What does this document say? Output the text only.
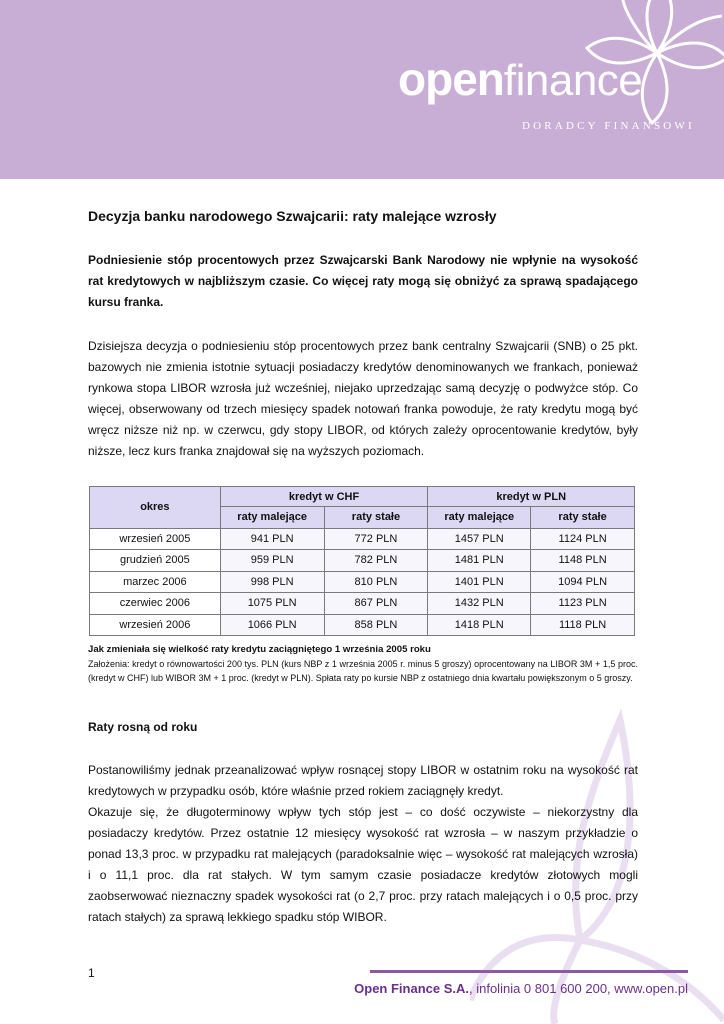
openfinance
DORADCY FINANSOWI
Decyzja banku narodowego Szwajcarii: raty malejące wzrosły

Podniesienie stóp procentowych przez Szwajcarski Bank Narodowy nie wpłynie na wysokość rat kredytowych w najbliższym czasie. Co więcej raty mogą się obniżyć za sprawą spadającego kursu franka.

Dzisiejsza decyzja o podniesieniu stóp procentowych przez bank centralny Szwajcarii (SNB) o 25 pkt. bazowych nie zmienia istotnie sytuacji posiadaczy kredytów denominowanych we frankach, ponieważ rynkowa stopa LIBOR wzrosła już wcześniej, niejako uprzedzając samą decyzję o podwyżce stóp. Co więcej, obserwowany od trzech miesięcy spadek notowań franka powoduje, że raty kredytu mogą być wręcz niższe niż np. w czerwcu, gdy stopy LIBOR, od których zależy oprocentowanie kredytów, były niższe, lecz kurs franka znajdował się na wyższych poziomach.

okres	kredyt w CHF		kredyt w PLN	
	raty malejące	raty stałe	raty malejące	raty stałe
wrzesień 2005	941 PLN	772 PLN	1457 PLN	1124 PLN
grudzień 2005	959 PLN	782 PLN	1481 PLN	1148 PLN
marzec 2006	998 PLN	810 PLN	1401 PLN	1094 PLN
czerwiec 2006	1075 PLN	867 PLN	1432 PLN	1123 PLN
wrzesień 2006	1066 PLN	858 PLN	1418 PLN	1118 PLN

Jak zmieniała się wielkość raty kredytu zaciągniętego 1 września 2005 roku

Założenia: kredyt o równowartości 200 tys. PLN (kurs NBP z 1 września 2005 r. minus 5 groszy) oprocentowany na LIBOR 3M + 1,5 proc. (kredyt w CHF) lub WIBOR 3M + 1 proc. (kredyt w PLN). Spłata raty po kursie NBP z ostatniego dnia kwartału powiększonym o 5 groszy.

Raty rosną od roku

Postanowiliśmy jednak przeanalizować wpływ rosnącej stopy LIBOR w ostatnim roku na wysokość rat kredytowych w przypadku osób, które właśnie przed rokiem zaciągnęły kredyt.

Okazuje się, że długoterminowy wpływ tych stóp jest – co dość oczywiste – niekorzystny dla posiadaczy kredytów. Przez ostatnie 12 miesięcy wysokość rat wzrosła – w naszym przykładzie o ponad 13,3 proc. w przypadku rat malejących (paradoksalnie więc – wysokość rat malejących wzrosła) i o 11,1 proc. dla rat stałych. W tym samym czasie posiadacze kredytów złotowych mogli zaobserwować nieznaczny spadek wysokości rat (o 2,7 proc. przy ratach malejących i o 0,5 proc. przy ratach stałych) za sprawą lekkiego spadku stóp WIBOR.

1
Open Finance S.A., infolinia 0 801 600 200, www.open.pl
